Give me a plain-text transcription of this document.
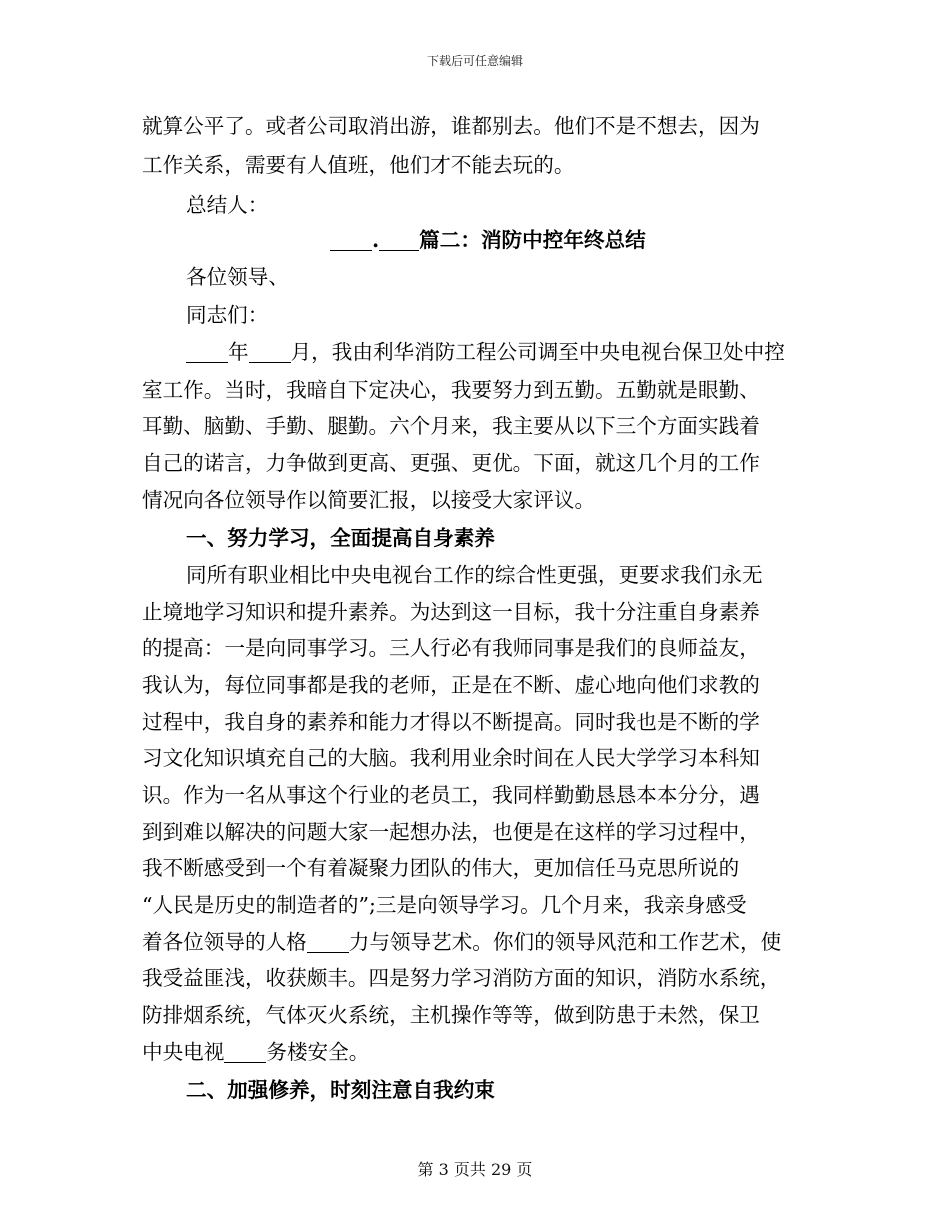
下载后可任意编辑
就算公平了。或者公司取消出游，谁都别去。他们不是不想去，因为
工作关系，需要有人值班，他们才不能去玩的。
总结人：
. 篇二：消防中控年终总结
各位领导、
同志们：
年 月，我由利华消防工程公司调至中央电视台保卫处中控
室工作。当时，我暗自下定决心，我要努力到五勤。五勤就是眼勤、
耳勤、脑勤、手勤、腿勤。六个月来，我主要从以下三个方面实践着
自己的诺言，力争做到更高、更强、更优。下面，就这几个月的工作
情况向各位领导作以简要汇报，以接受大家评议。
一、努力学习，全面提高自身素养
同所有职业相比中央电视台工作的综合性更强，更要求我们永无
止境地学习知识和提升素养。为达到这一目标，我十分注重自身素养
的提高：一是向同事学习。三人行必有我师同事是我们的良师益友，
我认为，每位同事都是我的老师，正是在不断、虚心地向他们求教的
过程中，我自身的素养和能力才得以不断提高。同时我也是不断的学
习文化知识填充自己的大脑。我利用业余时间在人民大学学习本科知
识。作为一名从事这个行业的老员工，我同样勤勤恳恳本本分分，遇
到到难以解决的问题大家一起想办法，也便是在这样的学习过程中，
我不断感受到一个有着凝聚力团队的伟大，更加信任马克思所说的
“人民是历史的制造者的”;三是向领导学习。几个月来，我亲身感受
着各位领导的人格 力与领导艺术。你们的领导风范和工作艺术，使
我受益匪浅，收获颇丰。四是努力学习消防方面的知识，消防水系统，
防排烟系统，气体灭火系统，主机操作等等，做到防患于未然，保卫
中央电视 务楼安全。
二、加强修养，时刻注意自我约束
第 3 页共 29 页
